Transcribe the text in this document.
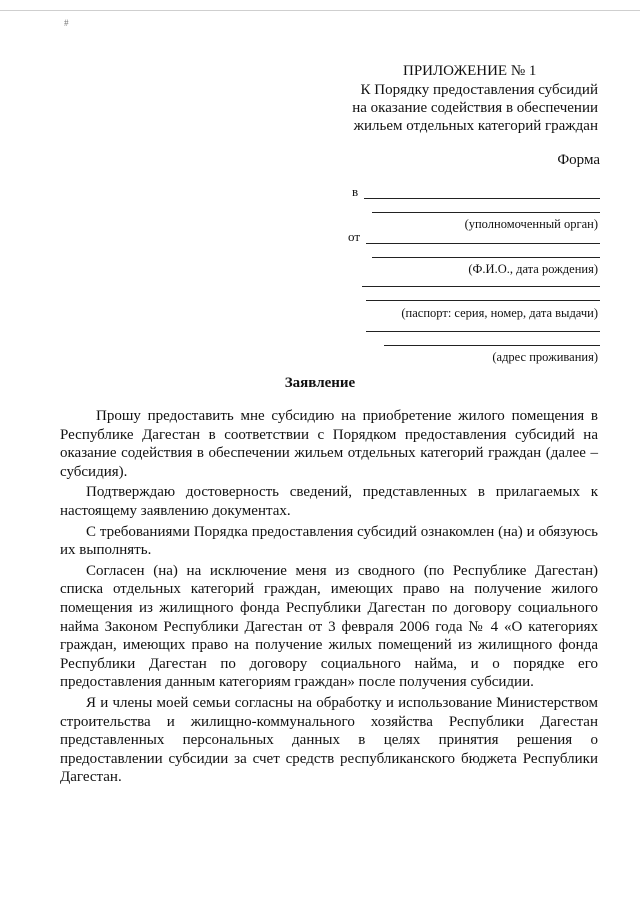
#
ПРИЛОЖЕНИЕ № 1
К Порядку предоставления субсидий
на оказание содействия в обеспечении
жильем отдельных категорий граждан
Форма
в
(уполномоченный орган)
от
(Ф.И.О., дата рождения)
(паспорт: серия, номер, дата выдачи)
(адрес проживания)
Заявление

Прошу предоставить мне субсидию на приобретение жилого помещения в Республике Дагестан в соответствии с Порядком предоставления субсидий на оказание содействия в обеспечении жильем отдельных категорий граждан (далее – субсидия).

Подтверждаю достоверность сведений, представленных в прилагаемых к настоящему заявлению документах.

С требованиями Порядка предоставления субсидий ознакомлен (на) и обязуюсь их выполнять.

Согласен (на) на исключение меня из сводного (по Республике Дагестан) списка отдельных категорий граждан, имеющих право на получение жилого помещения из жилищного фонда Республики Дагестан по договору социального найма Законом Республики Дагестан от 3 февраля 2006 года № 4 «О категориях граждан, имеющих право на получение жилых помещений из жилищного фонда Республики Дагестан по договору социального найма, и о порядке его предоставления данным категориям граждан» после получения субсидии.

Я и члены моей семьи согласны на обработку и использование Министерством строительства и жилищно-коммунального хозяйства Республики Дагестан представленных персональных данных в целях принятия решения о предоставлении субсидии за счет средств республиканского бюджета Республики Дагестан.
